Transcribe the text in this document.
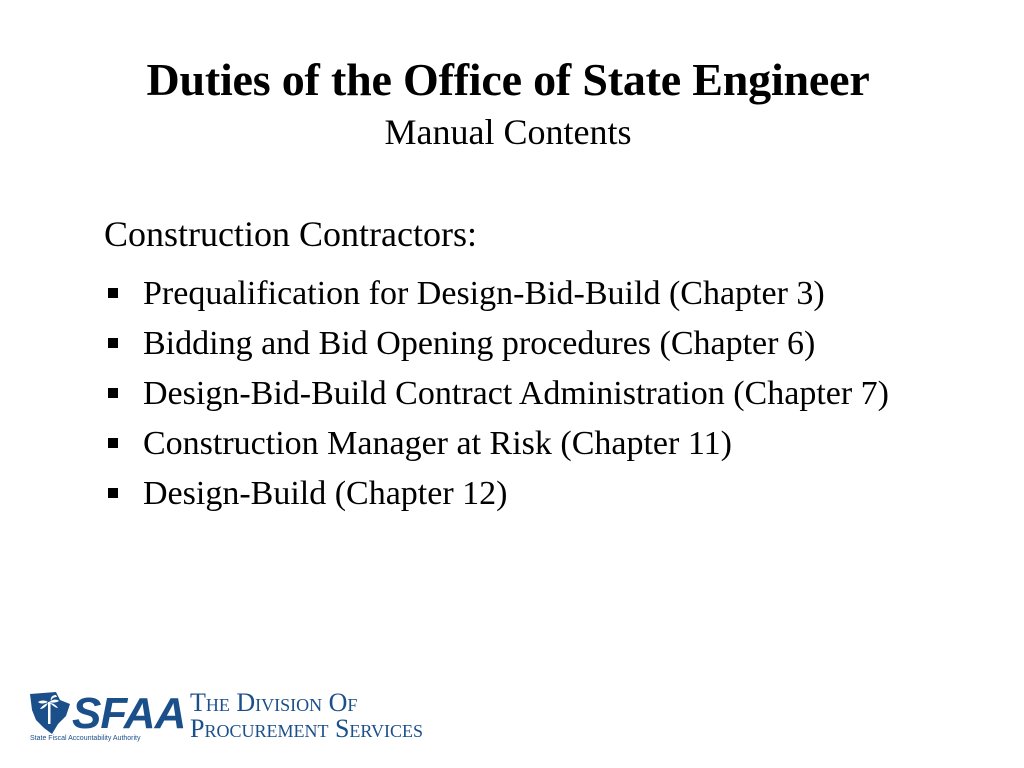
Duties of the Office of State Engineer
Manual Contents
Construction Contractors:
Prequalification for Design-Bid-Build (Chapter 3)
Bidding and Bid Opening procedures (Chapter 6)
Design-Bid-Build Contract Administration (Chapter 7)
Construction Manager at Risk (Chapter 11)
Design-Build (Chapter 12)
SFAA
State Fiscal Accountability Authority
The Division Of
Procurement Services
